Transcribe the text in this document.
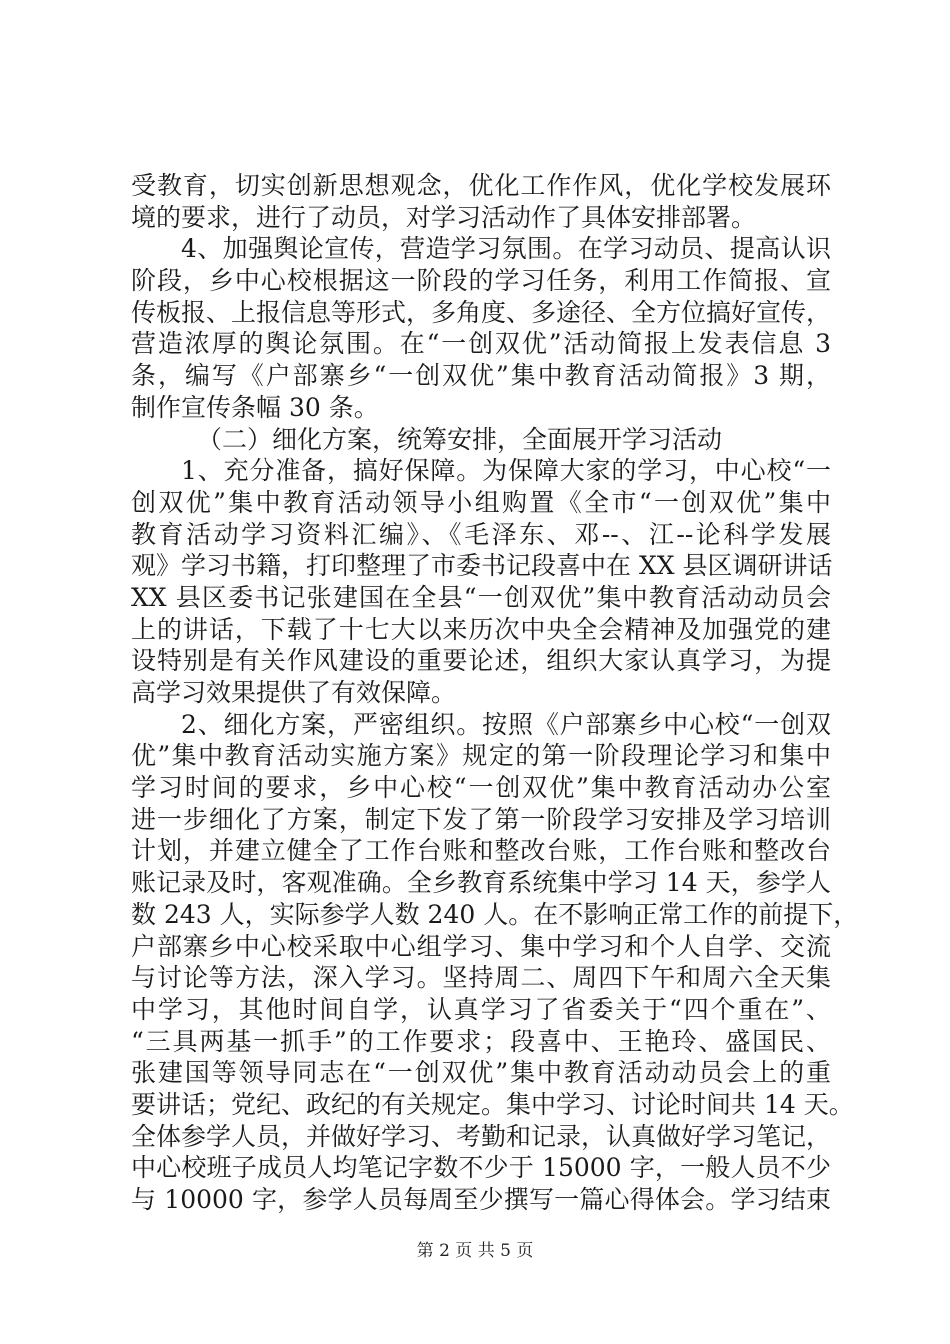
受教育，切实创新思想观念，优化工作作风，优化学校发展环
境的要求，进行了动员，对学习活动作了具体安排部署。
4、加强舆论宣传，营造学习氛围。在学习动员、提高认识
阶段，乡中心校根据这一阶段的学习任务，利用工作简报、宣
传板报、上报信息等形式，多角度、多途径、全方位搞好宣传，
营造浓厚的舆论氛围。在“一创双优”活动简报上发表信息 3
条，编写《户部寨乡“一创双优”集中教育活动简报》3 期，
制作宣传条幅 30 条。
（二）细化方案，统筹安排，全面展开学习活动
1、充分准备，搞好保障。为保障大家的学习，中心校“一
创双优”集中教育活动领导小组购置《全市“一创双优”集中
教育活动学习资料汇编》、《毛泽东、邓--、江--论科学发展
观》学习书籍，打印整理了市委书记段喜中在 XX 县区调研讲话
XX 县区委书记张建国在全县“一创双优”集中教育活动动员会
上的讲话，下载了十七大以来历次中央全会精神及加强党的建
设特别是有关作风建设的重要论述，组织大家认真学习，为提
高学习效果提供了有效保障。
2、细化方案，严密组织。按照《户部寨乡中心校“一创双
优”集中教育活动实施方案》规定的第一阶段理论学习和集中
学习时间的要求，乡中心校“一创双优”集中教育活动办公室
进一步细化了方案，制定下发了第一阶段学习安排及学习培训
计划，并建立健全了工作台账和整改台账，工作台账和整改台
账记录及时，客观准确。全乡教育系统集中学习 14 天，参学人
数 243 人，实际参学人数 240 人。在不影响正常工作的前提下，
户部寨乡中心校采取中心组学习、集中学习和个人自学、交流
与讨论等方法，深入学习。坚持周二、周四下午和周六全天集
中学习，其他时间自学，认真学习了省委关于“四个重在”、
“三具两基一抓手”的工作要求；段喜中、王艳玲、盛国民、
张建国等领导同志在“一创双优”集中教育活动动员会上的重
要讲话；党纪、政纪的有关规定。集中学习、讨论时间共 14 天。
全体参学人员，并做好学习、考勤和记录，认真做好学习笔记，
中心校班子成员人均笔记字数不少于 15000 字，一般人员不少
与 10000 字，参学人员每周至少撰写一篇心得体会。学习结束
第 2 页 共 5 页
